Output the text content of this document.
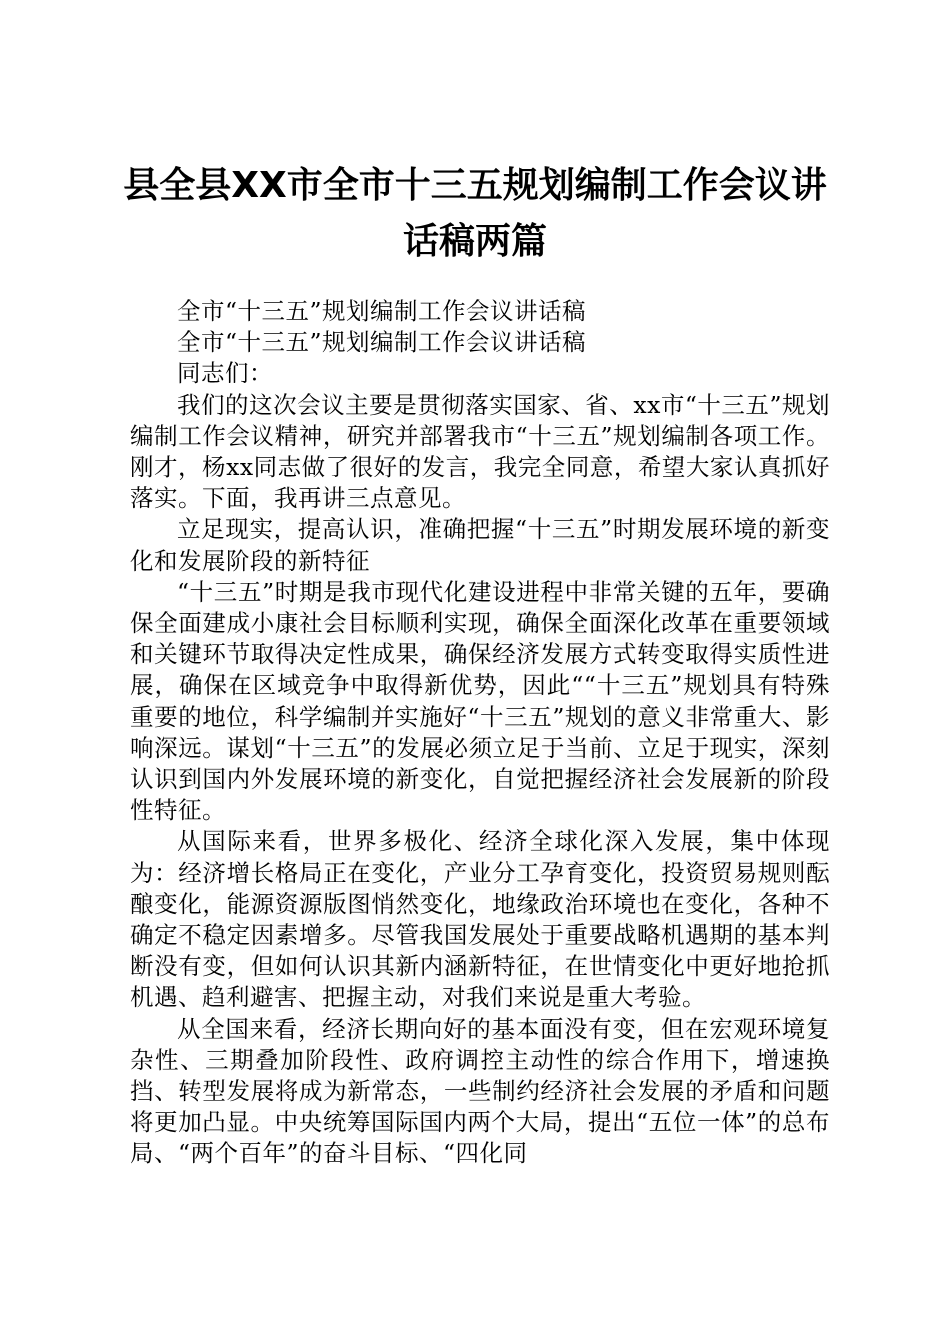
县全县XX市全市十三五规划编制工作会议讲话稿两篇

全市“十三五”规划编制工作会议讲话稿

全市“十三五”规划编制工作会议讲话稿

同志们：

我们的这次会议主要是贯彻落实国家、省、xx市“十三五”规划编制工作会议精神，研究并部署我市“十三五”规划编制各项工作。刚才，杨xx同志做了很好的发言，我完全同意，希望大家认真抓好落实。下面，我再讲三点意见。

立足现实，提高认识，准确把握“十三五”时期发展环境的新变化和发展阶段的新特征

“十三五”时期是我市现代化建设进程中非常关键的五年，要确保全面建成小康社会目标顺利实现，确保全面深化改革在重要领域和关键环节取得决定性成果，确保经济发展方式转变取得实质性进展，确保在区域竞争中取得新优势，因此““十三五”规划具有特殊重要的地位，科学编制并实施好“十三五”规划的意义非常重大、影响深远。谋划“十三五”的发展必须立足于当前、立足于现实，深刻认识到国内外发展环境的新变化，自觉把握经济社会发展新的阶段性特征。

从国际来看，世界多极化、经济全球化深入发展，集中体现为：经济增长格局正在变化，产业分工孕育变化，投资贸易规则酝酿变化，能源资源版图悄然变化，地缘政治环境也在变化，各种不确定不稳定因素增多。尽管我国发展处于重要战略机遇期的基本判断没有变，但如何认识其新内涵新特征，在世情变化中更好地抢抓机遇、趋利避害、把握主动，对我们来说是重大考验。

从全国来看，经济长期向好的基本面没有变，但在宏观环境复杂性、三期叠加阶段性、政府调控主动性的综合作用下，增速换挡、转型发展将成为新常态，一些制约经济社会发展的矛盾和问题将更加凸显。中央统筹国际国内两个大局，提出“五位一体”的总布局、“两个百年”的奋斗目标、“四化同
